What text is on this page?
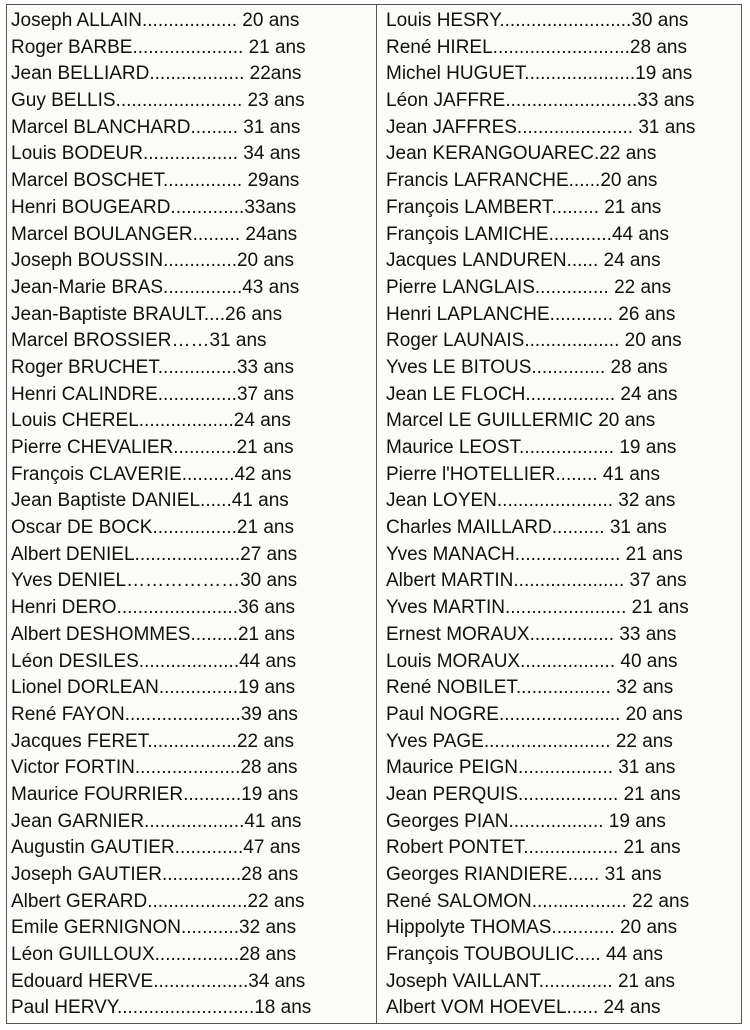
Joseph ALLAIN.................. 20 ans
Roger BARBE..................... 21 ans
Jean BELLIARD.................. 22ans
Guy BELLIS........................ 23 ans
Marcel BLANCHARD......... 31 ans
Louis BODEUR.................. 34 ans
Marcel BOSCHET............... 29ans
Henri BOUGEARD..............33ans
Marcel BOULANGER......... 24ans
Joseph BOUSSIN..............20 ans
Jean-Marie BRAS...............43 ans
Jean-Baptiste BRAULT....26 ans
Marcel BROSSIER……31 ans
Roger BRUCHET...............33 ans
Henri CALINDRE...............37 ans
Louis CHEREL..................24 ans
Pierre CHEVALIER............21 ans
François CLAVERIE..........42 ans
Jean Baptiste DANIEL......41 ans
Oscar DE BOCK................21 ans
Albert DENIEL....................27 ans
Yves DENIEL………………30 ans
Henri DERO.......................36 ans
Albert DESHOMMES.........21 ans
Léon DESILES...................44 ans
Lionel DORLEAN...............19 ans
René FAYON......................39 ans
Jacques FERET.................22 ans
Victor FORTIN....................28 ans
Maurice FOURRIER...........19 ans
Jean GARNIER...................41 ans
Augustin GAUTIER.............47 ans
Joseph GAUTIER...............28 ans
Albert GERARD...................22 ans
Emile GERNIGNON...........32 ans
Léon GUILLOUX................28 ans
Edouard HERVE..................34 ans
Paul HERVY..........................18 ans
Louis HESRY.........................30 ans
René HIREL..........................28 ans
Michel HUGUET.....................19 ans
Léon JAFFRE.........................33 ans
Jean JAFFRES...................... 31 ans
Jean KERANGOUAREC.22 ans
Francis LAFRANCHE......20 ans
François LAMBERT......... 21 ans
François LAMICHE............44 ans
Jacques LANDUREN...... 24 ans
Pierre LANGLAIS.............. 22 ans
Henri LAPLANCHE............ 26 ans
Roger LAUNAIS.................. 20 ans
Yves LE BITOUS.............. 28 ans
Jean LE FLOCH................. 24 ans
Marcel LE GUILLERMIC 20 ans
Maurice LEOST.................. 19 ans
Pierre l'HOTELLIER........ 41 ans
Jean LOYEN...................... 32 ans
Charles MAILLARD.......... 31 ans
Yves MANACH.................... 21 ans
Albert MARTIN..................... 37 ans
Yves MARTIN....................... 21 ans
Ernest MORAUX................ 33 ans
Louis MORAUX.................. 40 ans
René NOBILET.................. 32 ans
Paul NOGRE....................... 20 ans
Yves PAGE........................ 22 ans
Maurice PEIGN.................. 31 ans
Jean PERQUIS................... 21 ans
Georges PIAN.................. 19 ans
Robert PONTET.................. 21 ans
Georges RIANDIERE...... 31 ans
René SALOMON.................. 22 ans
Hippolyte THOMAS............ 20 ans
François TOUBOULIC..... 44 ans
Joseph VAILLANT.............. 21 ans
Albert VOM HOEVEL...... 24 ans
